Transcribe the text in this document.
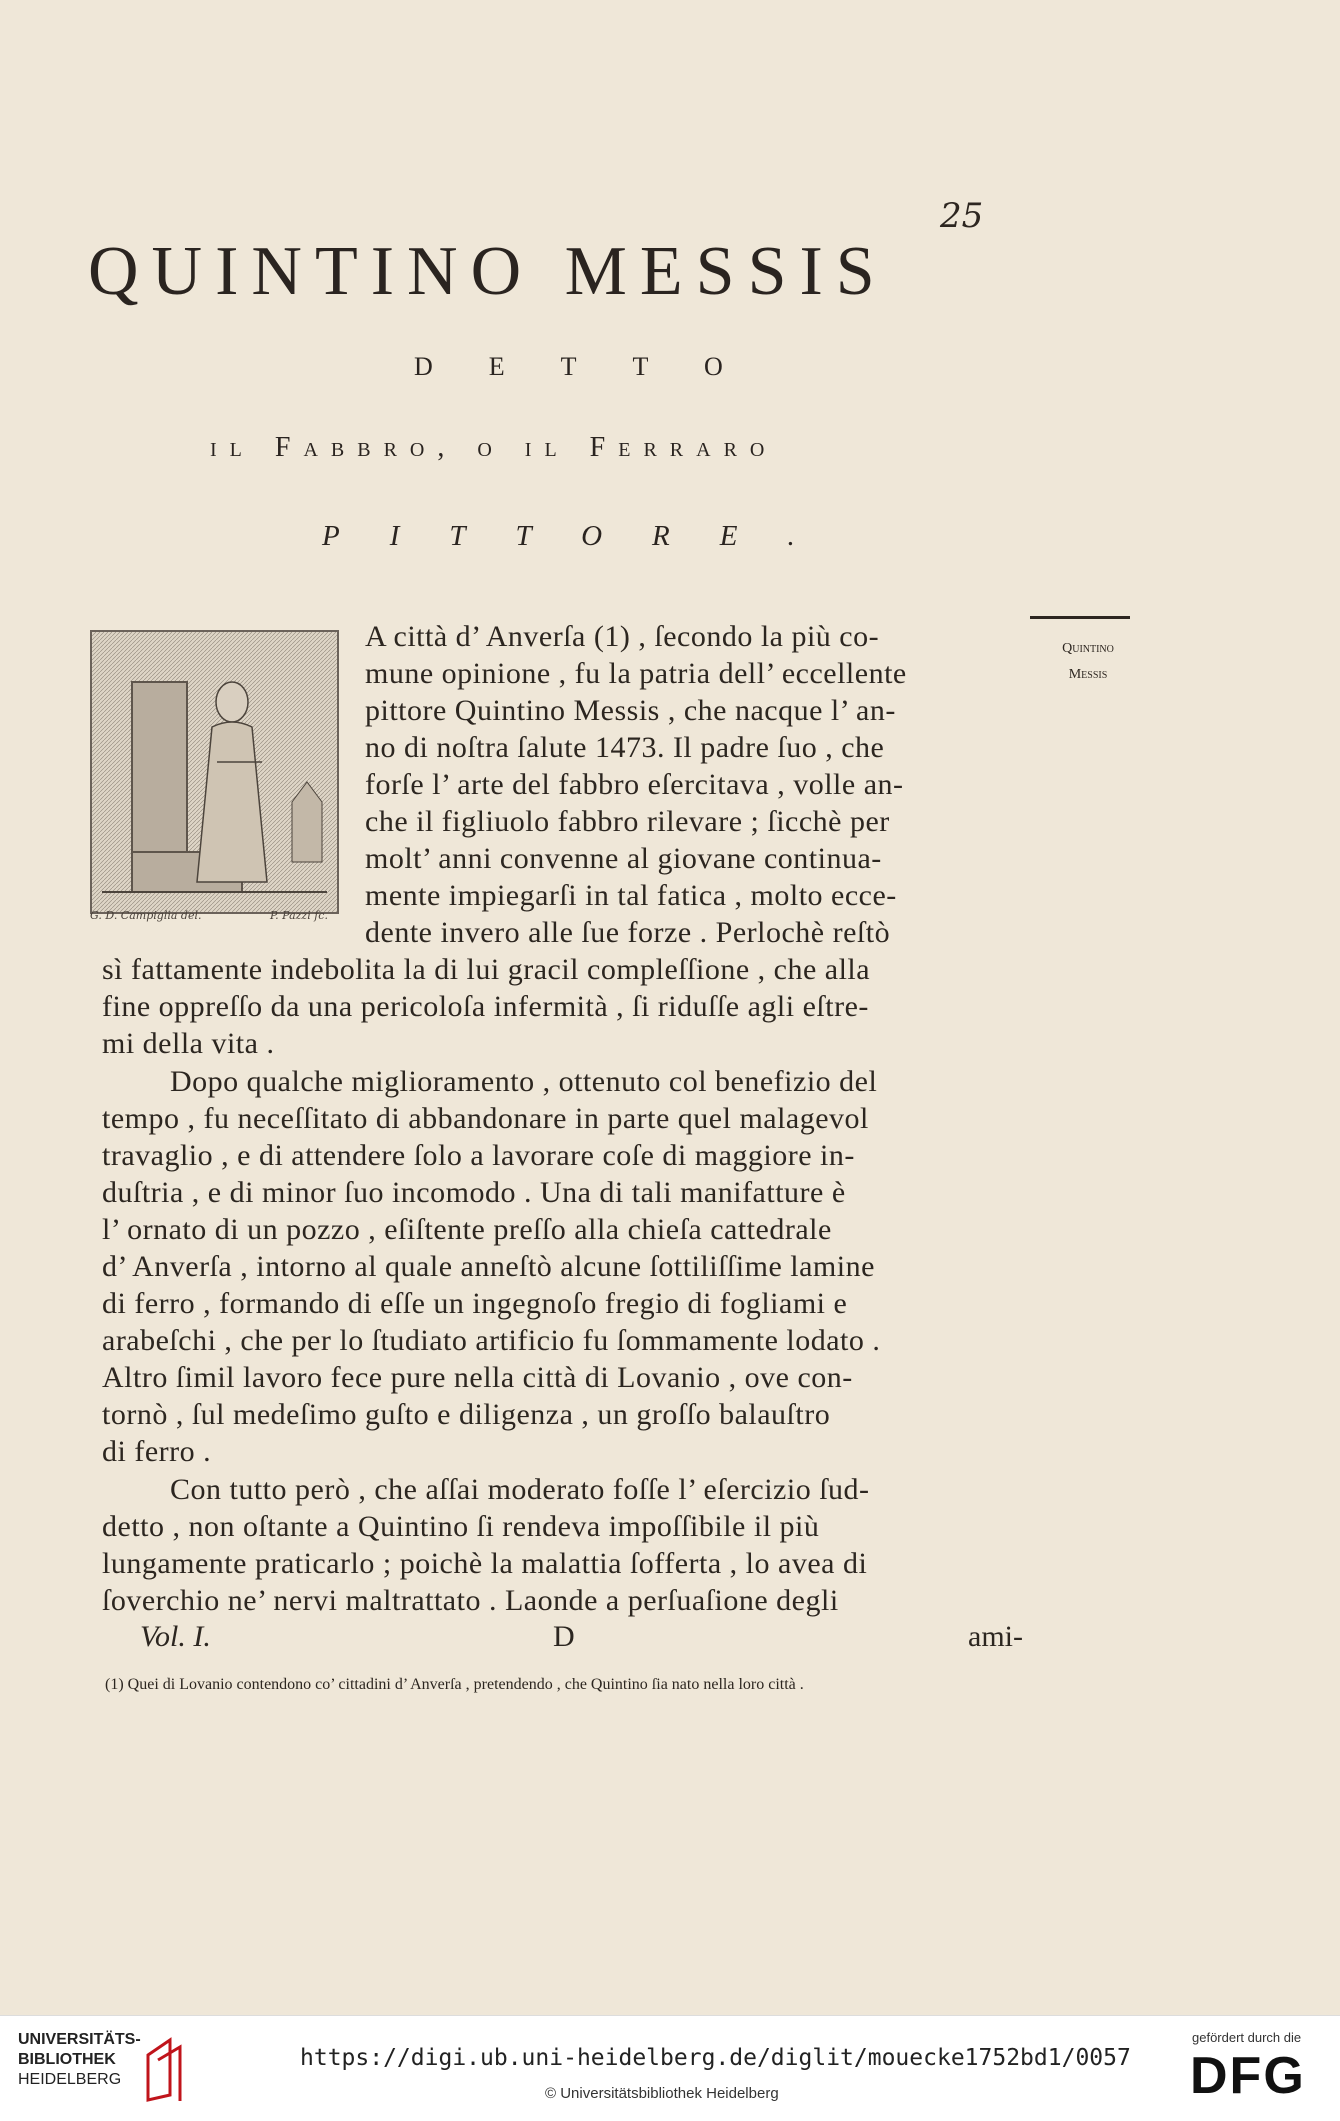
25
QUINTINO MESSIS
DETTO
il Fabbro, o il Ferraro
PITTORE.
G. D. Campiglia del.	P. Pazzi fc.
Quintino
Messis
A città d’ Anverſa (1) , ſecondo la più co-
mune opinione , fu la patria dell’ eccellente
pittore Quintino Messis , che nacque l’ an-
no di noſtra ſalute 1473. Il padre ſuo , che
forſe l’ arte del fabbro eſercitava , volle an-
che il figliuolo fabbro rilevare ; ſicchè per
molt’ anni convenne al giovane continua-
mente impiegarſi in tal fatica , molto ecce-
dente invero alle ſue forze . Perlochè reſtò
sì fattamente indebolita la di lui gracil compleſſione , che alla
fine oppreſſo da una pericoloſa infermità , ſi riduſſe agli eſtre-
mi della vita .
Dopo qualche miglioramento , ottenuto col benefizio del
tempo , fu neceſſitato di abbandonare in parte quel malagevol
travaglio , e di attendere ſolo a lavorare coſe di maggiore in-
duſtria , e di minor ſuo incomodo . Una di tali manifatture è
l’ ornato di un pozzo , eſiſtente preſſo alla chieſa cattedrale
d’ Anverſa , intorno al quale anneſtò alcune ſottiliſſime lamine
di ferro , formando di eſſe un ingegnoſo fregio di fogliami e
arabeſchi , che per lo ſtudiato artificio fu ſommamente lodato .
Altro ſimil lavoro fece pure nella città di Lovanio , ove con-
tornò , ſul medeſimo guſto e diligenza , un groſſo balauſtro
di ferro .
Con tutto però , che aſſai moderato foſſe l’ eſercizio ſud-
detto , non oſtante a Quintino ſi rendeva impoſſibile il più
lungamente praticarlo ; poichè la malattia ſofferta , lo avea di
ſoverchio ne’ nervi maltrattato . Laonde a perſuaſione degli
Vol. I.	D	ami-
(1) Quei di Lovanio contendono co’ cittadini d’ Anverſa , pretendendo , che Quintino ſia nato nella loro città .
UNIVERSITÄTS-
BIBLIOTHEK
HEIDELBERG
https://digi.ub.uni-heidelberg.de/diglit/mouecke1752bd1/0057
© Universitätsbibliothek Heidelberg
gefördert durch die
DFG
